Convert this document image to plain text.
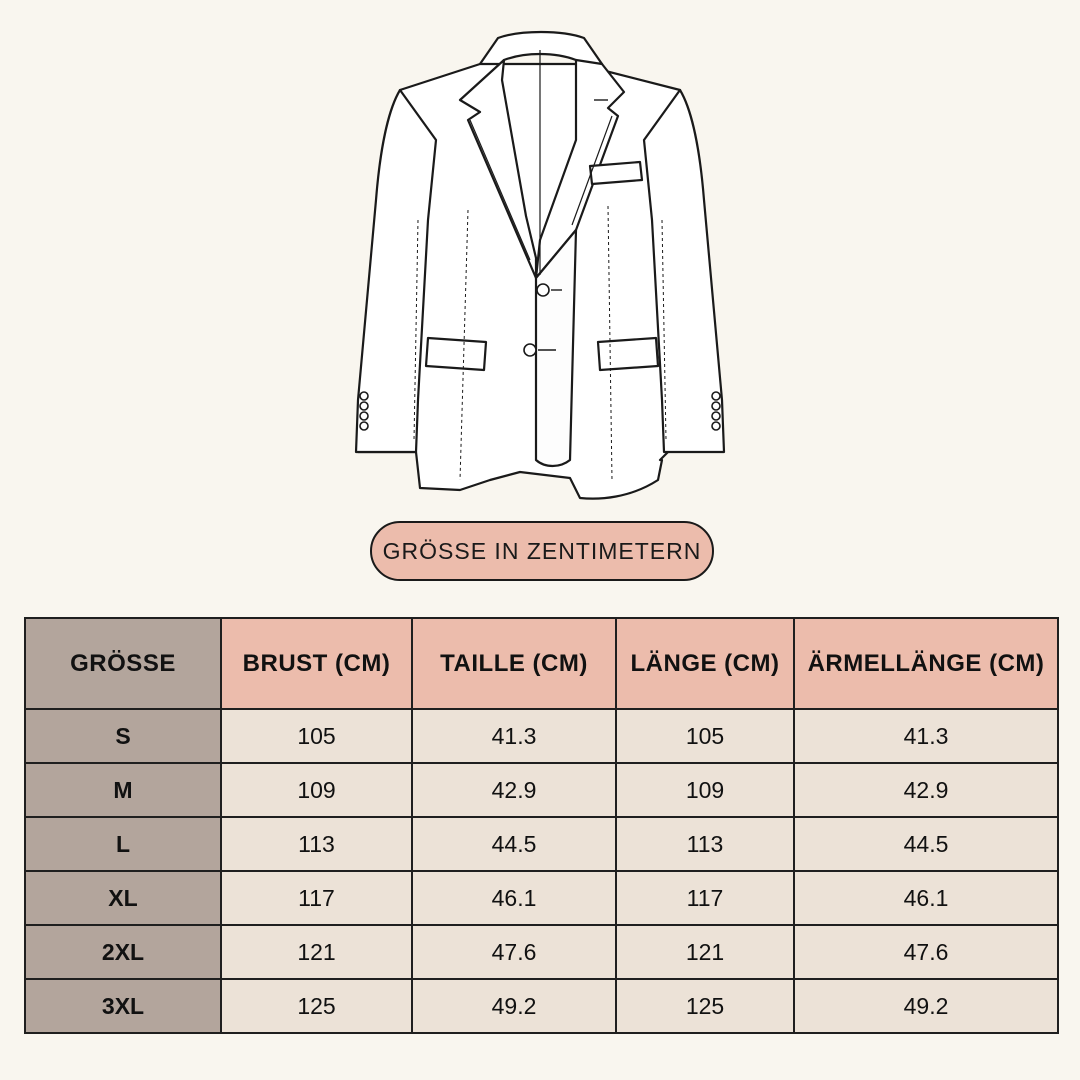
GRÖSSE IN ZENTIMETERN
GRÖSSE	BRUST (CM)	TAILLE (CM)	LÄNGE (CM)	ÄRMELLÄNGE (CM)
S	105	41.3	105	41.3
M	109	42.9	109	42.9
L	113	44.5	113	44.5
XL	117	46.1	117	46.1
2XL	121	47.6	121	47.6
3XL	125	49.2	125	49.2
